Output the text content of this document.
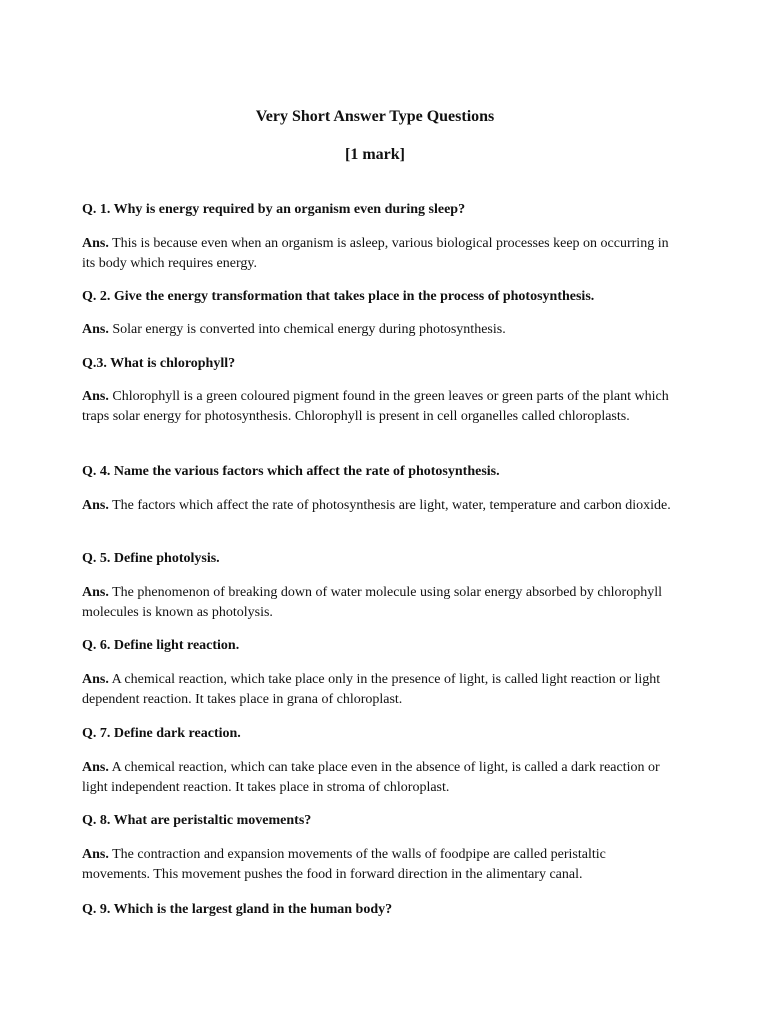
Very Short Answer Type Questions
[1 mark]

Q. 1. Why is energy required by an organism even during sleep?

Ans. This is because even when an organism is asleep, various biological processes keep on occurring in its body which requires energy.

Q. 2. Give the energy transformation that takes place in the process of photosynthesis.

Ans. Solar energy is converted into chemical energy during photosynthesis.

Q.3. What is chlorophyll?

Ans. Chlorophyll is a green coloured pigment found in the green leaves or green parts of the plant which traps solar energy for photosynthesis. Chlorophyll is present in cell organelles called chloroplasts.

Q. 4. Name the various factors which affect the rate of photosynthesis.

Ans. The factors which affect the rate of photosynthesis are light, water, temperature and carbon dioxide.

Q. 5. Define photolysis.

Ans. The phenomenon of breaking down of water molecule using solar energy absorbed by chlorophyll molecules is known as photolysis.

Q. 6. Define light reaction.

Ans. A chemical reaction, which take place only in the presence of light, is called light reaction or light dependent reaction. It takes place in grana of chloroplast.

Q. 7. Define dark reaction.

Ans. A chemical reaction, which can take place even in the absence of light, is called a dark reaction or light independent reaction. It takes place in stroma of chloroplast.

Q. 8. What are peristaltic movements?

Ans. The contraction and expansion movements of the walls of foodpipe are called peristaltic movements. This movement pushes the food in forward direction in the alimentary canal.

Q. 9. Which is the largest gland in the human body?
